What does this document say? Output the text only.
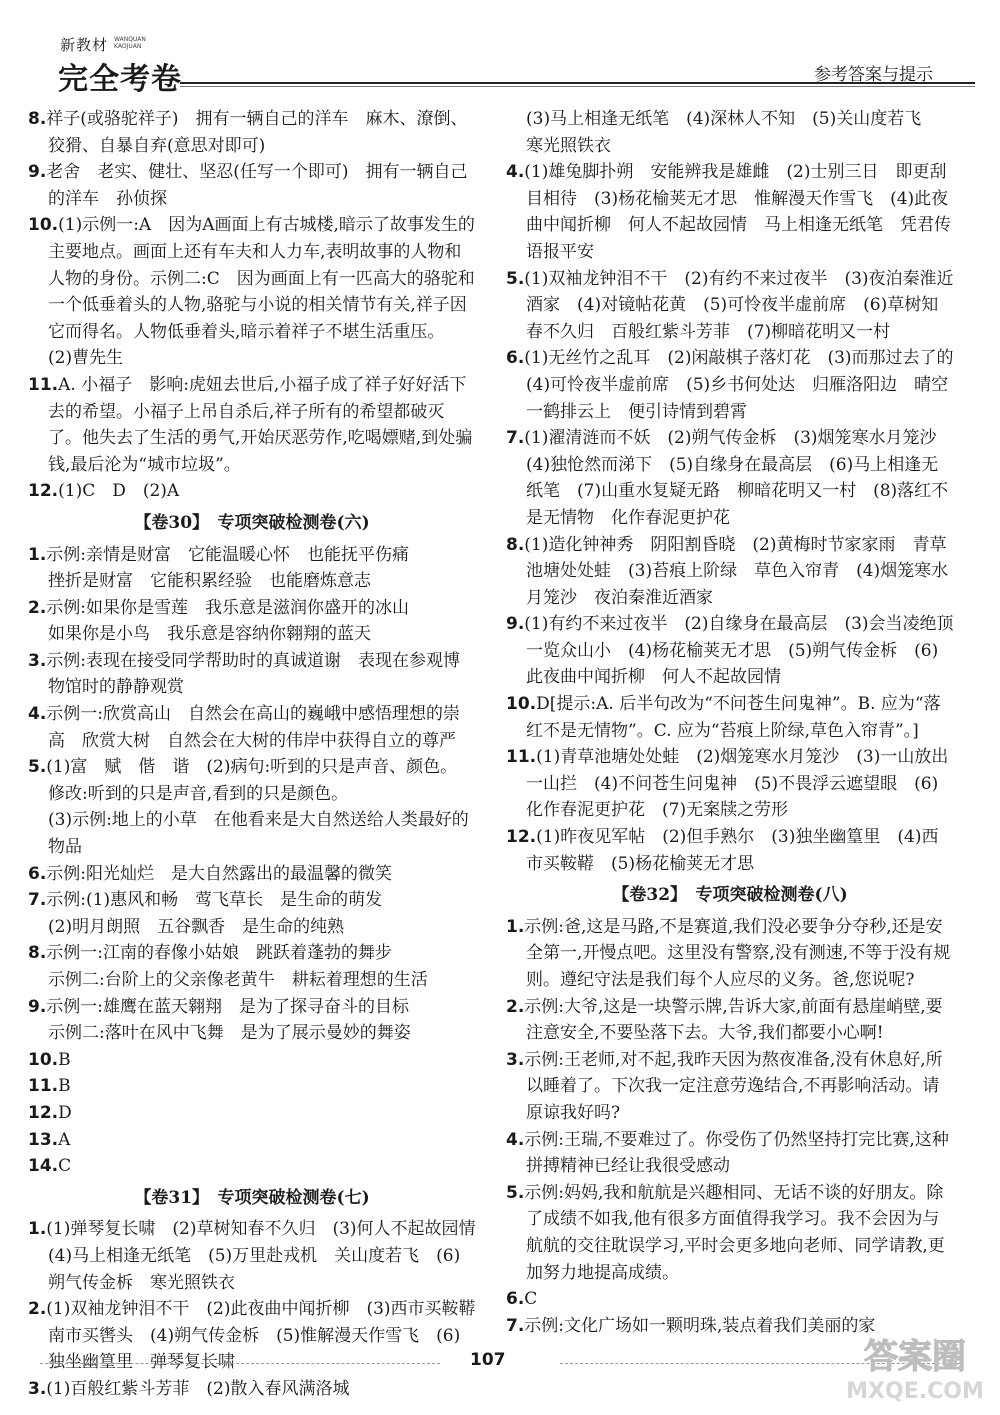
新教材 WANQUAN
KAOJUAN
完全考卷	参考答案与提示
8.祥子(或骆驼祥子)　拥有一辆自己的洋车　麻木、潦倒、狡猾、自暴自弃(意思对即可)
9.老舍　老实、健壮、坚忍(任写一个即可)　拥有一辆自己的洋车　孙侦探
10.(1)示例一:A　因为A画面上有古城楼,暗示了故事发生的主要地点。画面上还有车夫和人力车,表明故事的人物和人物的身份。示例二:C　因为画面上有一匹高大的骆驼和一个低垂着头的人物,骆驼与小说的相关情节有关,祥子因它而得名。人物低垂着头,暗示着祥子不堪生活重压。　(2)曹先生
11.A. 小福子　影响:虎妞去世后,小福子成了祥子好好活下去的希望。小福子上吊自杀后,祥子所有的希望都破灭了。他失去了生活的勇气,开始厌恶劳作,吃喝嫖赌,到处骗钱,最后沦为“城市垃圾”。
12.(1)C　D　(2)A
【卷30】　专项突破检测卷(六)
1.示例:亲情是财富　它能温暖心怀　也能抚平伤痛
挫折是财富　它能积累经验　也能磨炼意志
2.示例:如果你是雪莲　我乐意是滋润你盛开的冰山
如果你是小鸟　我乐意是容纳你翱翔的蓝天
3.示例:表现在接受同学帮助时的真诚道谢　表现在参观博物馆时的静静观赏
4.示例一:欣赏高山　自然会在高山的巍峨中感悟理想的崇高　欣赏大树　自然会在大树的伟岸中获得自立的尊严
5.(1)富　赋　偕　谐　(2)病句:听到的只是声音、颜色。　修改:听到的只是声音,看到的只是颜色。
(3)示例:地上的小草　在他看来是大自然送给人类最好的物品
6.示例:阳光灿烂　是大自然露出的最温馨的微笑
7.示例:(1)惠风和畅　莺飞草长　是生命的萌发
(2)明月朗照　五谷飘香　是生命的纯熟
8.示例一:江南的春像小姑娘　跳跃着蓬勃的舞步
示例二:台阶上的父亲像老黄牛　耕耘着理想的生活
9.示例一:雄鹰在蓝天翱翔　是为了探寻奋斗的目标
示例二:落叶在风中飞舞　是为了展示曼妙的舞姿
10.B
11.B
12.D
13.A
14.C
【卷31】　专项突破检测卷(七)
1.(1)弹琴复长啸　(2)草树知春不久归　(3)何人不起故园情　(4)马上相逢无纸笔　(5)万里赴戎机　关山度若飞　(6)朔气传金柝　寒光照铁衣
2.(1)双袖龙钟泪不干　(2)此夜曲中闻折柳　(3)西市买鞍鞯　南市买辔头　(4)朔气传金柝　(5)惟解漫天作雪飞　(6)独坐幽篁里　弹琴复长啸
3.(1)百般红紫斗芳菲　(2)散入春风满洛城
(3)马上相逢无纸笔　(4)深林人不知　(5)关山度若飞　寒光照铁衣
4.(1)雄兔脚扑朔　安能辨我是雄雌　(2)士别三日　即更刮目相待　(3)杨花榆荚无才思　惟解漫天作雪飞　(4)此夜曲中闻折柳　何人不起故园情　马上相逢无纸笔　凭君传语报平安
5.(1)双袖龙钟泪不干　(2)有约不来过夜半　(3)夜泊秦淮近酒家　(4)对镜帖花黄　(5)可怜夜半虚前席　(6)草树知春不久归　百般红紫斗芳菲　(7)柳暗花明又一村
6.(1)无丝竹之乱耳　(2)闲敲棋子落灯花　(3)而那过去了的　(4)可怜夜半虚前席　(5)乡书何处达　归雁洛阳边　晴空一鹤排云上　便引诗情到碧霄
7.(1)濯清涟而不妖　(2)朔气传金柝　(3)烟笼寒水月笼沙　(4)独怆然而涕下　(5)自缘身在最高层　(6)马上相逢无纸笔　(7)山重水复疑无路　柳暗花明又一村　(8)落红不是无情物　化作春泥更护花
8.(1)造化钟神秀　阴阳割昏晓　(2)黄梅时节家家雨　青草池塘处处蛙　(3)苔痕上阶绿　草色入帘青　(4)烟笼寒水月笼沙　夜泊秦淮近酒家
9.(1)有约不来过夜半　(2)自缘身在最高层　(3)会当凌绝顶　一览众山小　(4)杨花榆荚无才思　(5)朔气传金柝　(6)此夜曲中闻折柳　何人不起故园情
10.D[提示:A. 后半句改为“不问苍生问鬼神”。B. 应为“落红不是无情物”。C. 应为“苔痕上阶绿,草色入帘青”。]
11.(1)青草池塘处处蛙　(2)烟笼寒水月笼沙　(3)一山放出一山拦　(4)不问苍生问鬼神　(5)不畏浮云遮望眼　(6)化作春泥更护花　(7)无案牍之劳形
12.(1)昨夜见军帖　(2)但手熟尔　(3)独坐幽篁里　(4)西市买鞍鞯　(5)杨花榆荚无才思
【卷32】　专项突破检测卷(八)
1.示例:爸,这是马路,不是赛道,我们没必要争分夺秒,还是安全第一,开慢点吧。这里没有警察,没有测速,不等于没有规则。遵纪守法是我们每个人应尽的义务。爸,您说呢?
2.示例:大爷,这是一块警示牌,告诉大家,前面有悬崖峭壁,要注意安全,不要坠落下去。大爷,我们都要小心啊!
3.示例:王老师,对不起,我昨天因为熬夜准备,没有休息好,所以睡着了。下次我一定注意劳逸结合,不再影响活动。请原谅我好吗?
4.示例:王瑞,不要难过了。你受伤了仍然坚持打完比赛,这种拼搏精神已经让我很受感动
5.示例:妈妈,我和航航是兴趣相同、无话不谈的好朋友。除了成绩不如我,他有很多方面值得我学习。我不会因为与航航的交往耽误学习,平时会更多地向老师、同学请教,更加努力地提高成绩。
6.C
7.示例:文化广场如一颗明珠,装点着我们美丽的家
107	答案圈
MXQE.COM
